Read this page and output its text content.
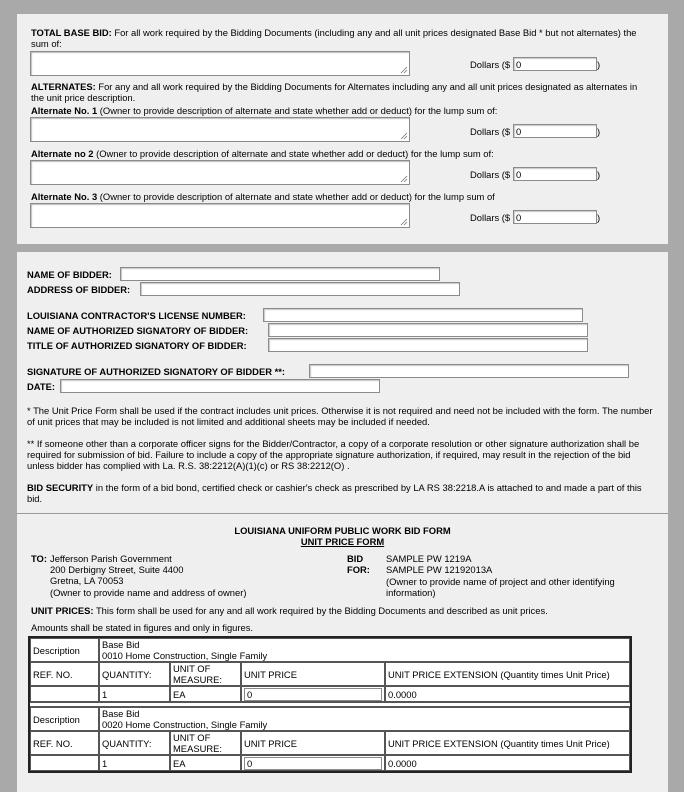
TOTAL BASE BID: For all work required by the Bidding Documents (including any and all unit prices designated Base Bid * but not alternates) the sum of:
Dollars ($
0	)
ALTERNATES: For any and all work required by the Bidding Documents for Alternates including any and all unit prices designated as alternates in the unit price description.
Alternate No. 1 (Owner to provide description of alternate and state whether add or deduct) for the lump sum of:
Dollars ($
0	)
Alternate no 2 (Owner to provide description of alternate and state whether add or deduct) for the lump sum of:
Dollars ($
0	)
Alternate No. 3 (Owner to provide description of alternate and state whether add or deduct) for the lump sum of
Dollars ($
0	)
NAME OF BIDDER:
ADDRESS OF BIDDER:
LOUISIANA CONTRACTOR'S LICENSE NUMBER:
NAME OF AUTHORIZED SIGNATORY OF BIDDER:
TITLE OF AUTHORIZED SIGNATORY OF BIDDER:
SIGNATURE OF AUTHORIZED SIGNATORY OF BIDDER **:
DATE:
* The Unit Price Form shall be used if the contract includes unit prices. Otherwise it is not required and need not be included with the form. The number of unit prices that may be included is not limited and additional sheets may be included if needed.
** If someone other than a corporate officer signs for the Bidder/Contractor, a copy of a corporate resolution or other signature authorization shall be required for submission of bid. Failure to include a copy of the appropriate signature authorization, if required, may result in the rejection of the bid unless bidder has complied with La. R.S. 38:2212(A)(1)(c) or RS 38:2212(O) .
BID SECURITY in the form of a bid bond, certified check or cashier's check as prescribed by LA RS 38:2218.A is attached to and made a part of this bid.
LOUISIANA UNIFORM PUBLIC WORK BID FORM
UNIT PRICE FORM
TO: Jefferson Parish Government
200 Derbigny Street, Suite 4400
Gretna, LA 70053
(Owner to provide name and address of owner)
BID
FOR:
SAMPLE PW 1219A
SAMPLE PW 12192013A
(Owner to provide name of project and other identifying information)
UNIT PRICES: This form shall be used for any and all work required by the Bidding Documents and described as unit prices.
Amounts shall be stated in figures and only in figures.
Description	Base Bid
0010 Home Construction, Single Family			

REF. NO.	QUANTITY:	UNIT OF MEASURE:	UNIT PRICE	UNIT PRICE EXTENSION (Quantity times Unit Price)
	1	EA	0	0.0000

Description	Base Bid
0020 Home Construction, Single Family			

REF. NO.	QUANTITY:	UNIT OF MEASURE:	UNIT PRICE	UNIT PRICE EXTENSION (Quantity times Unit Price)
	1	EA	0	0.0000
